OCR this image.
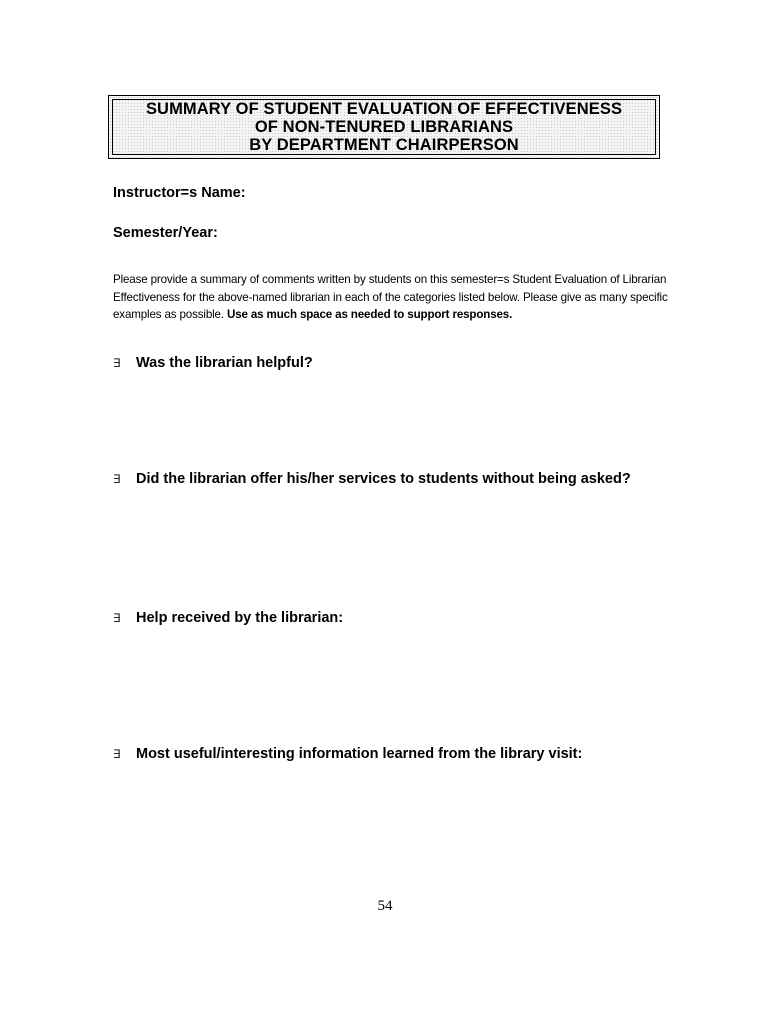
SUMMARY OF STUDENT EVALUATION OF EFFECTIVENESS
OF NON-TENURED LIBRARIANS
BY DEPARTMENT CHAIRPERSON
Instructor=s Name:
Semester/Year:
Please provide a summary of comments written by students on this semester=s Student Evaluation of Librarian Effectiveness for the above-named librarian in each of the categories listed below. Please give as many specific examples as possible. Use as much space as needed to support responses.
∃ Was the librarian helpful?
∃ Did the librarian offer his/her services to students without being asked?
∃ Help received by the librarian:
∃ Most useful/interesting information learned from the library visit:
54
